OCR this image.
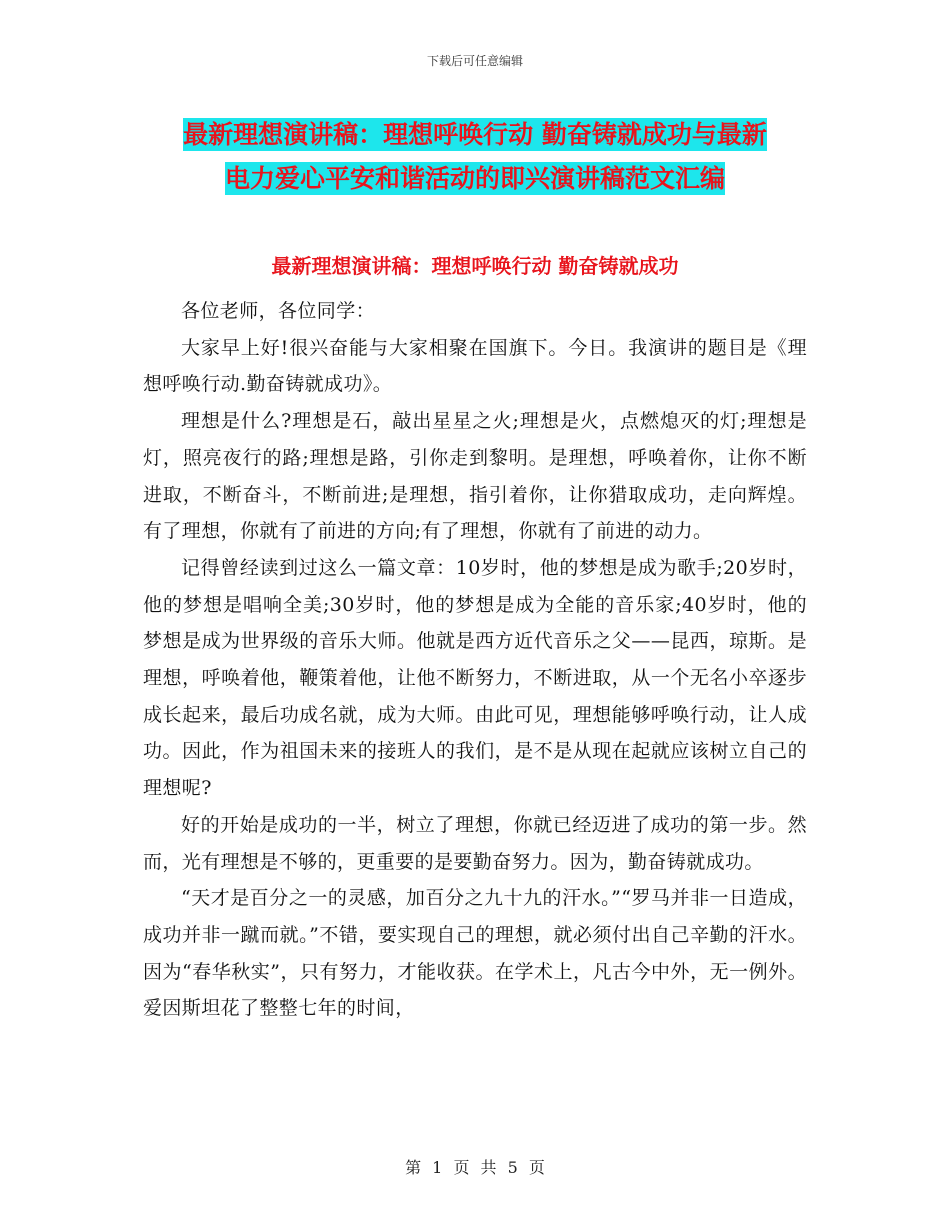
下载后可任意编辑
最新理想演讲稿：理想呼唤行动 勤奋铸就成功与最新
电力爱心平安和谐活动的即兴演讲稿范文汇编
最新理想演讲稿：理想呼唤行动 勤奋铸就成功

各位老师，各位同学：

大家早上好!很兴奋能与大家相聚在国旗下。今日。我演讲的题目是《理想呼唤行动.勤奋铸就成功》。

理想是什么?理想是石，敲出星星之火;理想是火，点燃熄灭的灯;理想是灯，照亮夜行的路;理想是路，引你走到黎明。是理想，呼唤着你，让你不断进取，不断奋斗，不断前进;是理想，指引着你，让你猎取成功，走向辉煌。有了理想，你就有了前进的方向;有了理想，你就有了前进的动力。

记得曾经读到过这么一篇文章：10岁时，他的梦想是成为歌手;20岁时，他的梦想是唱响全美;30岁时，他的梦想是成为全能的音乐家;40岁时，他的梦想是成为世界级的音乐大师。他就是西方近代音乐之父——昆西，琼斯。是理想，呼唤着他，鞭策着他，让他不断努力，不断进取，从一个无名小卒逐步成长起来，最后功成名就，成为大师。由此可见，理想能够呼唤行动，让人成功。因此，作为祖国未来的接班人的我们，是不是从现在起就应该树立自己的理想呢?

好的开始是成功的一半，树立了理想，你就已经迈进了成功的第一步。然而，光有理想是不够的，更重要的是要勤奋努力。因为，勤奋铸就成功。

“天才是百分之一的灵感，加百分之九十九的汗水。”“罗马并非一日造成，成功并非一蹴而就。”不错，要实现自己的理想，就必须付出自己辛勤的汗水。因为“春华秋实”，只有努力，才能收获。在学术上，凡古今中外，无一例外。爱因斯坦花了整整七年的时间，

第 1 页 共 5 页
